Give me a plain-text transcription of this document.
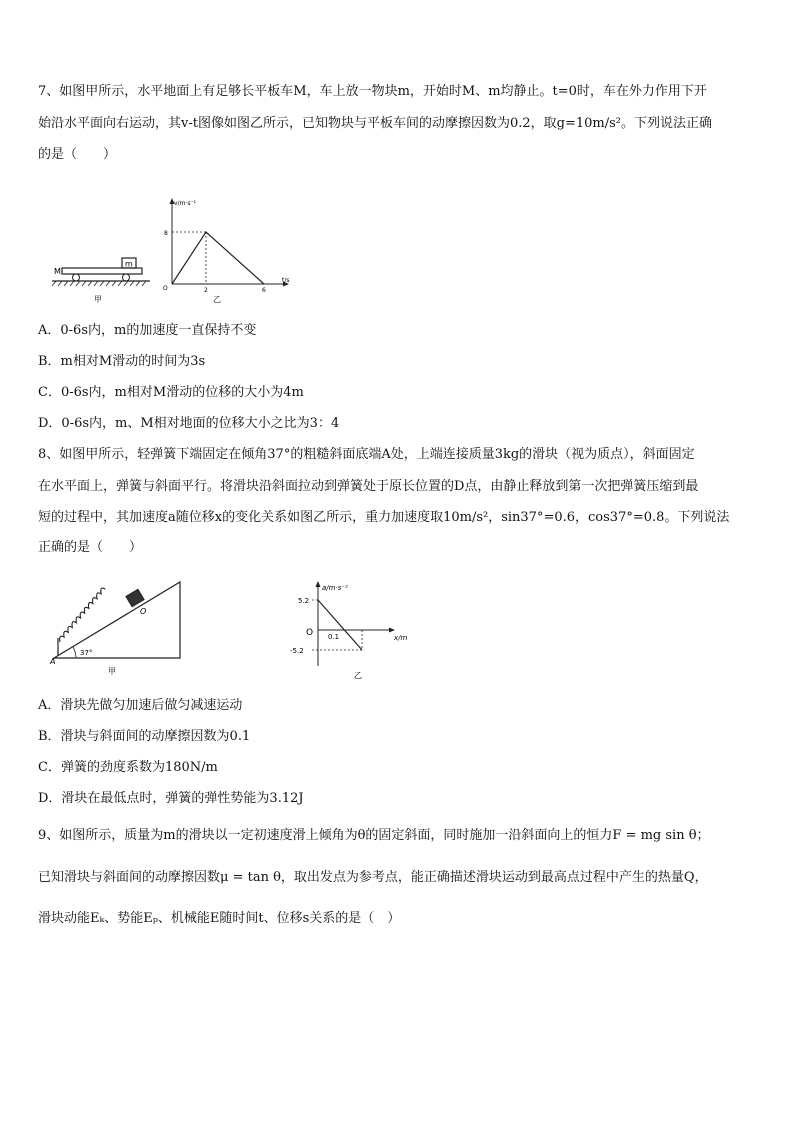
7、如图甲所示，水平地面上有足够长平板车M，车上放一物块m，开始时M、m均静止。t=0时，车在外力作用下开
始沿水平面向右运动，其v-t图像如图乙所示，已知物块与平板车间的动摩擦因数为0.2，取g=10m/s²。下列说法正确
的是（　　）
m
M
甲
v/m·s⁻¹
t/s
O
8
2	6
乙
A．0-6s内，m的加速度一直保持不变
B．m相对M滑动的时间为3s
C．0-6s内，m相对M滑动的位移的大小为4m
D．0-6s内，m、M相对地面的位移大小之比为3：4
8、如图甲所示，轻弹簧下端固定在倾角37°的粗糙斜面底端A处，上端连接质量3kg的滑块（视为质点），斜面固定
在水平面上，弹簧与斜面平行。将滑块沿斜面拉动到弹簧处于原长位置的D点，由静止释放到第一次把弹簧压缩到最
短的过程中，其加速度a随位移x的变化关系如图乙所示，重力加速度取10m/s²，sin37°=0.6，cos37°=0.8。下列说法
正确的是（　　）
37°
A
O
甲
a/m·s⁻²
x/m
O
5.2
-5.2
0.1
乙
A．滑块先做匀加速后做匀减速运动
B．滑块与斜面间的动摩擦因数为0.1
C．弹簧的劲度系数为180N/m
D．滑块在最低点时，弹簧的弹性势能为3.12J
9、如图所示，质量为m的滑块以一定初速度滑上倾角为θ的固定斜面，同时施加一沿斜面向上的恒力F = mg sin θ；
已知滑块与斜面间的动摩擦因数μ = tan θ，取出发点为参考点，能正确描述滑块运动到最高点过程中产生的热量Q，
滑块动能Eₖ、势能Eₚ、机械能E随时间t、位移s关系的是（　）
